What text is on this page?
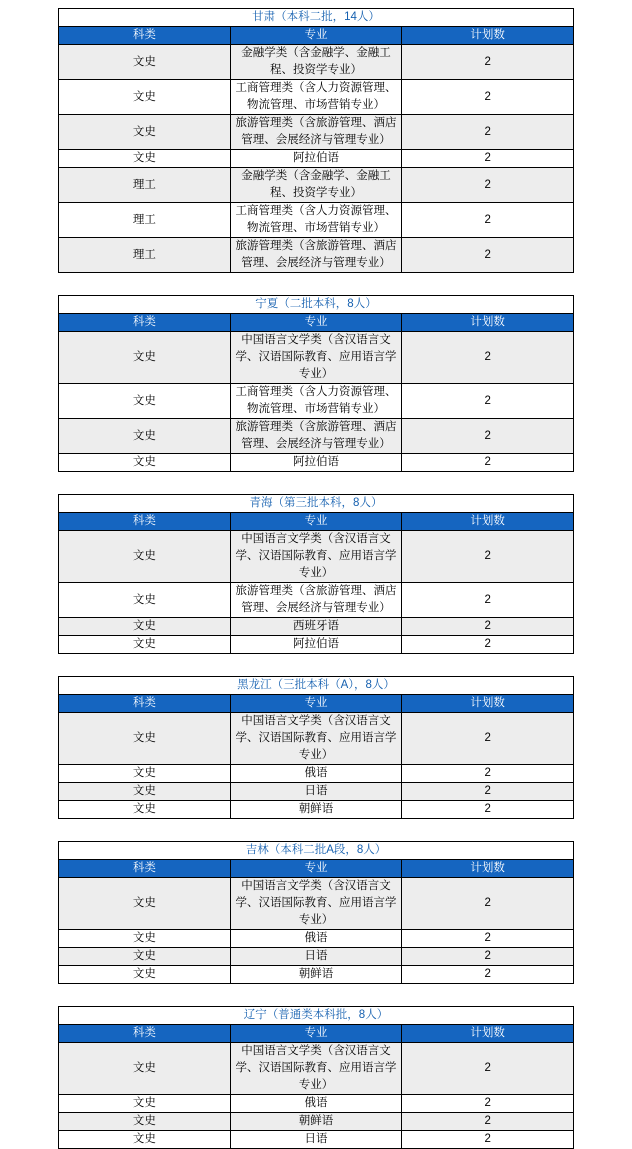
甘肃（本科二批，14人）		
科类	专业	计划数
文史	金融学类（含金融学、金融工程、投资学专业）	2
文史	工商管理类（含人力资源管理、物流管理、市场营销专业）	2
文史	旅游管理类（含旅游管理、酒店管理、会展经济与管理专业）	2
文史	阿拉伯语	2
理工	金融学类（含金融学、金融工程、投资学专业）	2
理工	工商管理类（含人力资源管理、物流管理、市场营销专业）	2
理工	旅游管理类（含旅游管理、酒店管理、会展经济与管理专业）	2
宁夏（二批本科，8人）		
科类	专业	计划数
文史	中国语言文学类（含汉语言文学、汉语国际教育、应用语言学专业）	2
文史	工商管理类（含人力资源管理、物流管理、市场营销专业）	2
文史	旅游管理类（含旅游管理、酒店管理、会展经济与管理专业）	2
文史	阿拉伯语	2
青海（第三批本科，8人）		
科类	专业	计划数
文史	中国语言文学类（含汉语言文学、汉语国际教育、应用语言学专业）	2
文史	旅游管理类（含旅游管理、酒店管理、会展经济与管理专业）	2
文史	西班牙语	2
文史	阿拉伯语	2
黑龙江（三批本科（A），8人）		
科类	专业	计划数
文史	中国语言文学类（含汉语言文学、汉语国际教育、应用语言学专业）	2
文史	俄语	2
文史	日语	2
文史	朝鲜语	2
吉林（本科二批A段，8人）		
科类	专业	计划数
文史	中国语言文学类（含汉语言文学、汉语国际教育、应用语言学专业）	2
文史	俄语	2
文史	日语	2
文史	朝鲜语	2
辽宁（普通类本科批，8人）		
科类	专业	计划数
文史	中国语言文学类（含汉语言文学、汉语国际教育、应用语言学专业）	2
文史	俄语	2
文史	朝鲜语	2
文史	日语	2
